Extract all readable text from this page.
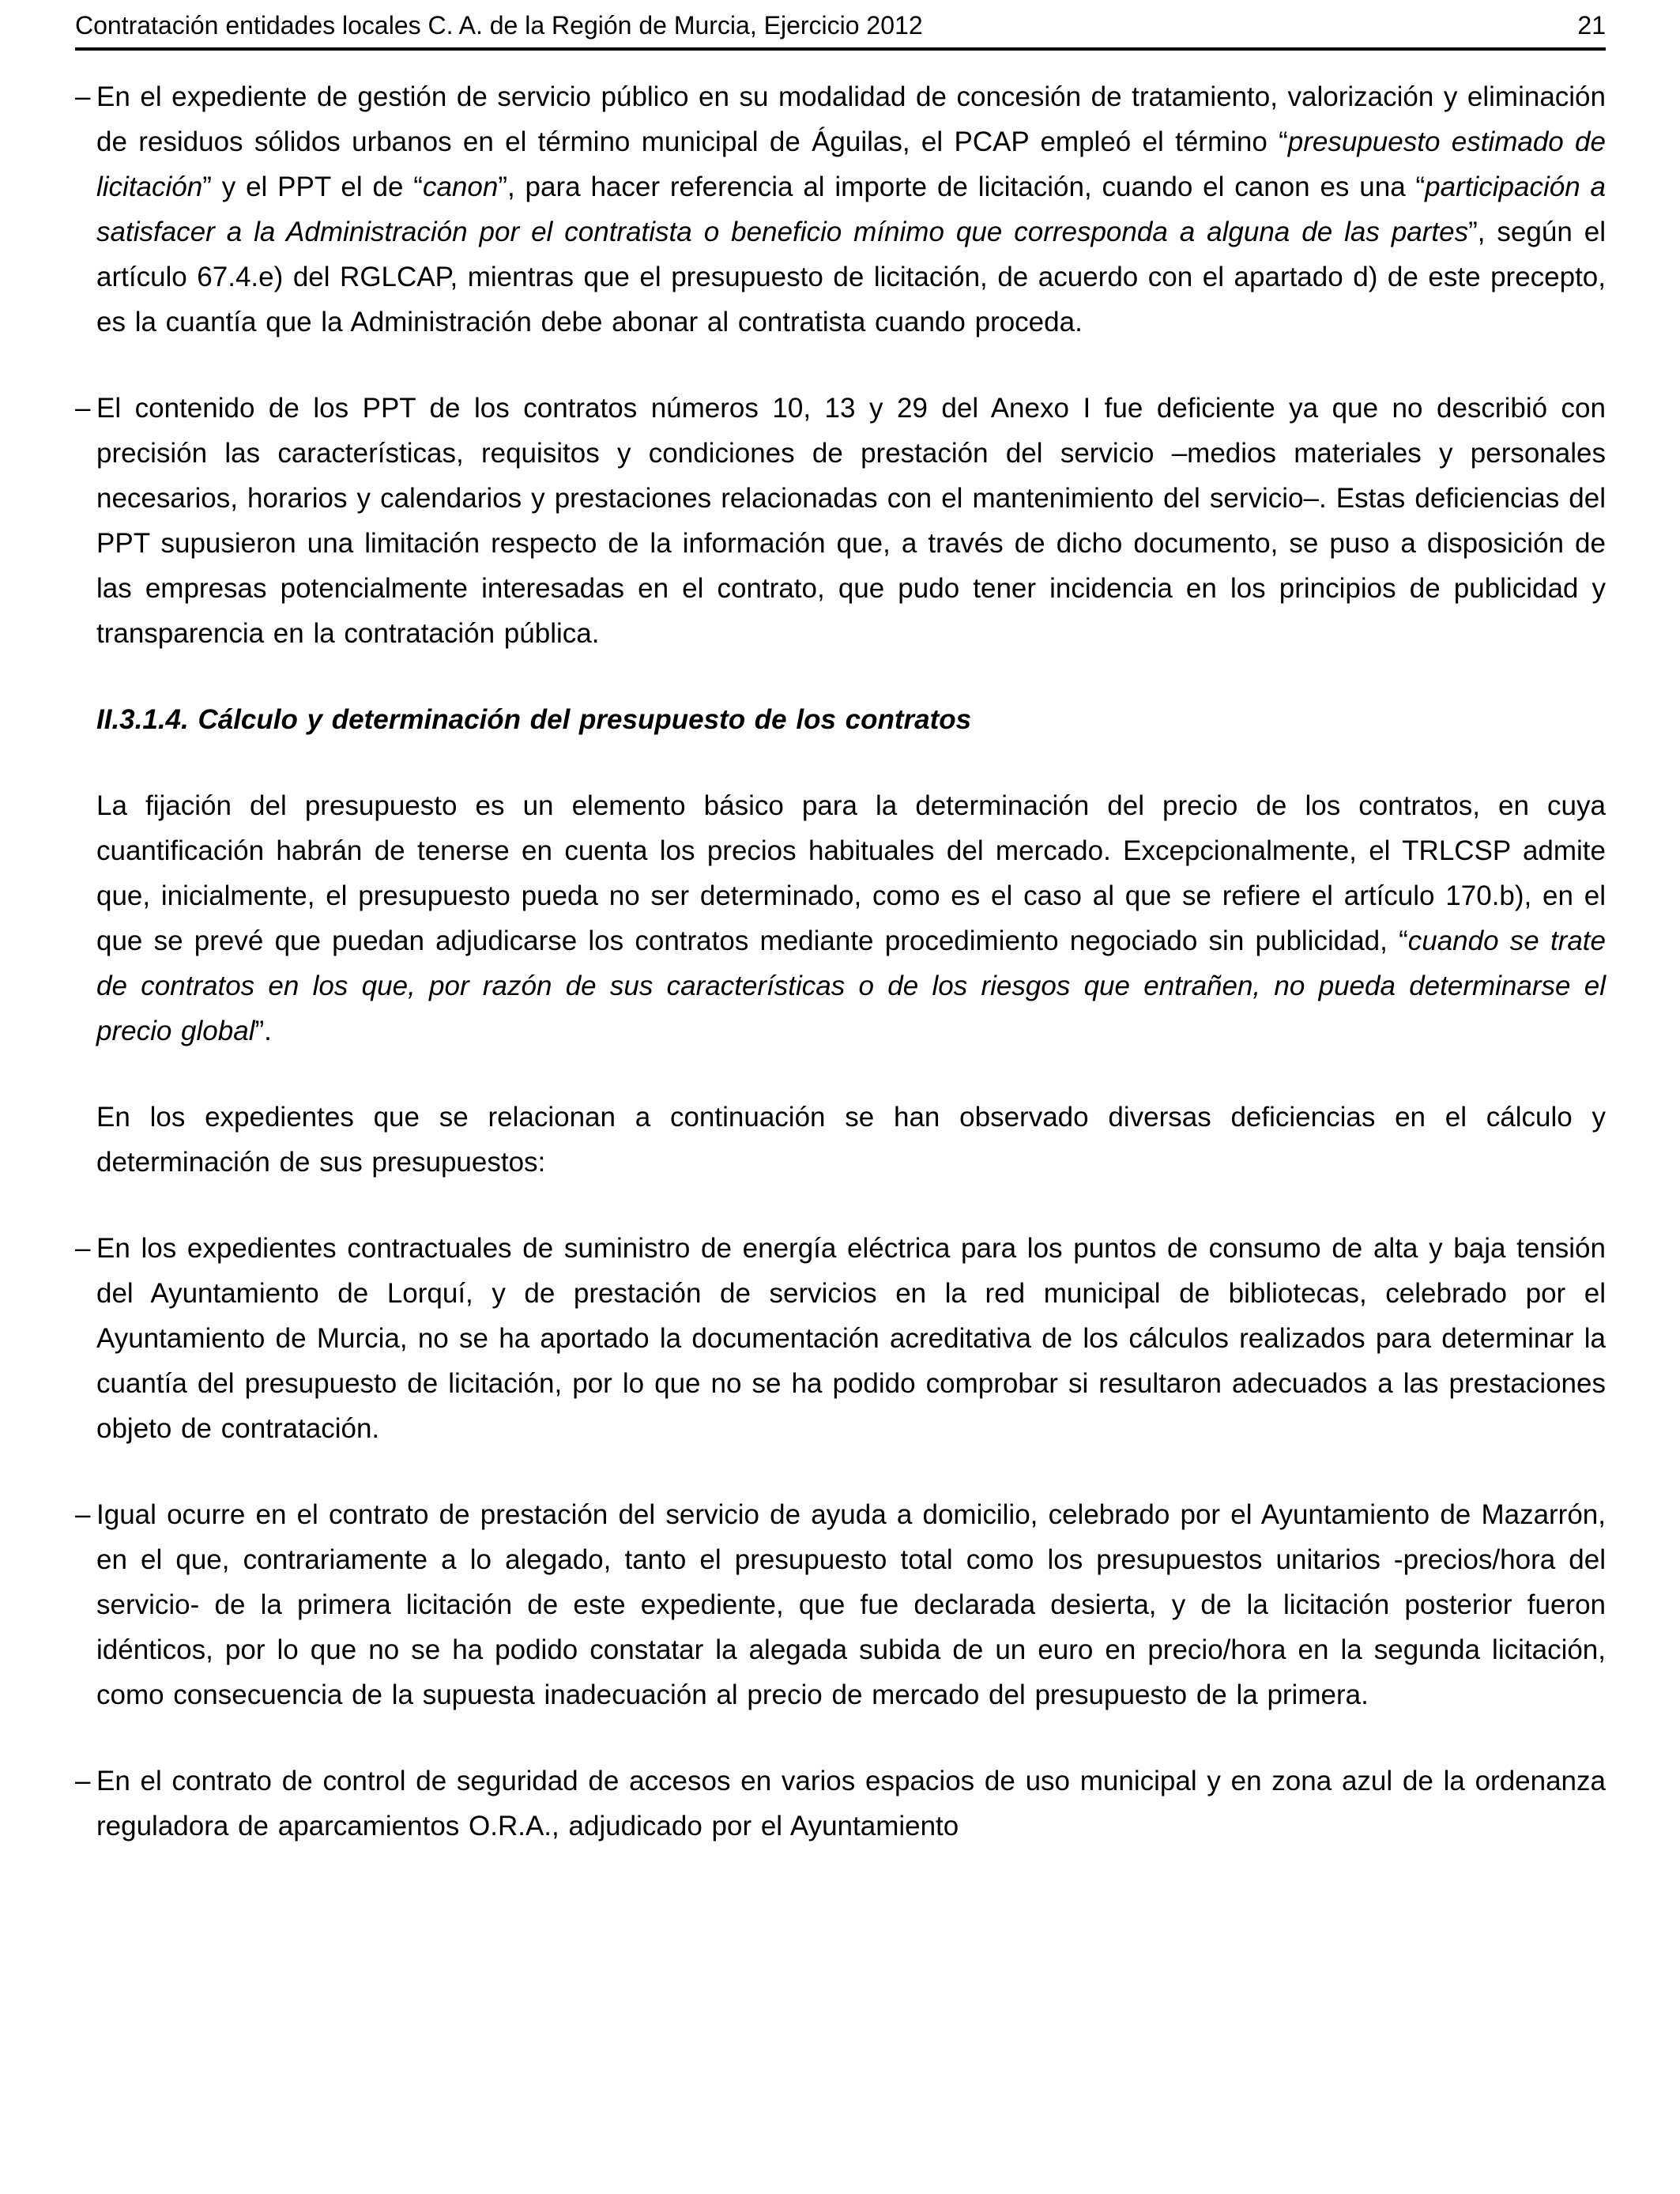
Contratación entidades locales C. A. de la Región de Murcia, Ejercicio 2012	21
– En el expediente de gestión de servicio público en su modalidad de concesión de tratamiento, valorización y eliminación de residuos sólidos urbanos en el término municipal de Águilas, el PCAP empleó el término “presupuesto estimado de licitación” y el PPT el de “canon”, para hacer referencia al importe de licitación, cuando el canon es una “participación a satisfacer a la Administración por el contratista o beneficio mínimo que corresponda a alguna de las partes”, según el artículo 67.4.e) del RGLCAP, mientras que el presupuesto de licitación, de acuerdo con el apartado d) de este precepto, es la cuantía que la Administración debe abonar al contratista cuando proceda.
– El contenido de los PPT de los contratos números 10, 13 y 29 del Anexo I fue deficiente ya que no describió con precisión las características, requisitos y condiciones de prestación del servicio –medios materiales y personales necesarios, horarios y calendarios y prestaciones relacionadas con el mantenimiento del servicio–. Estas deficiencias del PPT supusieron una limitación respecto de la información que, a través de dicho documento, se puso a disposición de las empresas potencialmente interesadas en el contrato, que pudo tener incidencia en los principios de publicidad y transparencia en la contratación pública.
II.3.1.4. Cálculo y determinación del presupuesto de los contratos
La fijación del presupuesto es un elemento básico para la determinación del precio de los contratos, en cuya cuantificación habrán de tenerse en cuenta los precios habituales del mercado. Excepcionalmente, el TRLCSP admite que, inicialmente, el presupuesto pueda no ser determinado, como es el caso al que se refiere el artículo 170.b), en el que se prevé que puedan adjudicarse los contratos mediante procedimiento negociado sin publicidad, “cuando se trate de contratos en los que, por razón de sus características o de los riesgos que entrañen, no pueda determinarse el precio global”.
En los expedientes que se relacionan a continuación se han observado diversas deficiencias en el cálculo y determinación de sus presupuestos:
– En los expedientes contractuales de suministro de energía eléctrica para los puntos de consumo de alta y baja tensión del Ayuntamiento de Lorquí, y de prestación de servicios en la red municipal de bibliotecas, celebrado por el Ayuntamiento de Murcia, no se ha aportado la documentación acreditativa de los cálculos realizados para determinar la cuantía del presupuesto de licitación, por lo que no se ha podido comprobar si resultaron adecuados a las prestaciones objeto de contratación.
– Igual ocurre en el contrato de prestación del servicio de ayuda a domicilio, celebrado por el Ayuntamiento de Mazarrón, en el que, contrariamente a lo alegado, tanto el presupuesto total como los presupuestos unitarios -precios/hora del servicio- de la primera licitación de este expediente, que fue declarada desierta, y de la licitación posterior fueron idénticos, por lo que no se ha podido constatar la alegada subida de un euro en precio/hora en la segunda licitación, como consecuencia de la supuesta inadecuación al precio de mercado del presupuesto de la primera.
– En el contrato de control de seguridad de accesos en varios espacios de uso municipal y en zona azul de la ordenanza reguladora de aparcamientos O.R.A., adjudicado por el Ayuntamiento
